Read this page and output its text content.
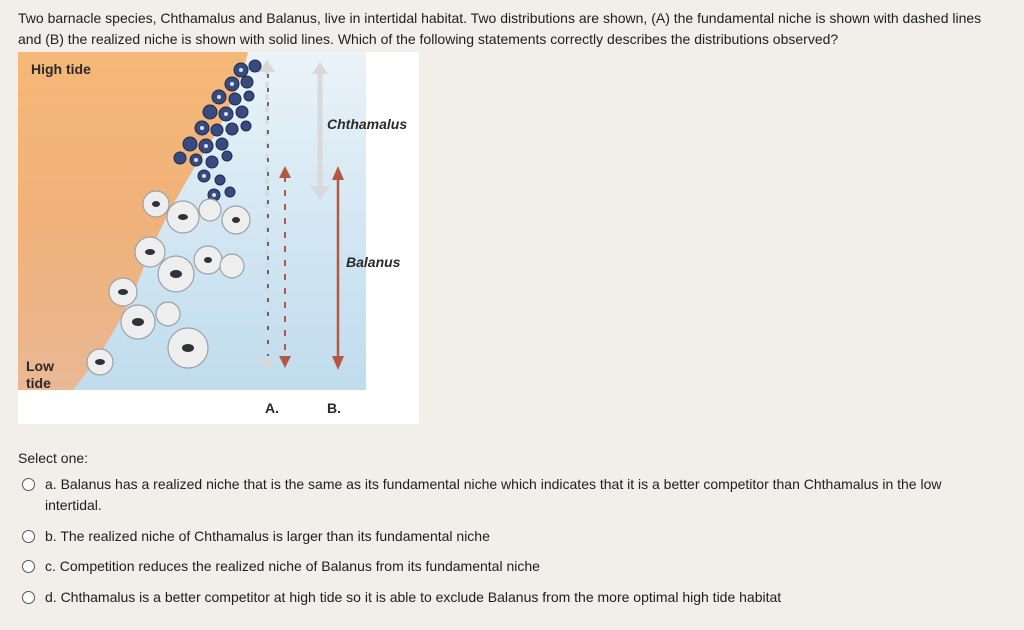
Two barnacle species, Chthamalus and Balanus, live in intertidal habitat. Two distributions are shown, (A) the fundamental niche is shown with dashed lines and (B) the realized niche is shown with solid lines. Which of the following statements correctly describes the distributions observed?
High tide
Low
tide
Chthamalus
Balanus
A.	B.
Select one:
a. Balanus has a realized niche that is the same as its fundamental niche which indicates that it is a better competitor than Chthamalus in the low intertidal.
b. The realized niche of Chthamalus is larger than its fundamental niche
c. Competition reduces the realized niche of Balanus from its fundamental niche
d. Chthamalus is a better competitor at high tide so it is able to exclude Balanus from the more optimal high tide habitat
